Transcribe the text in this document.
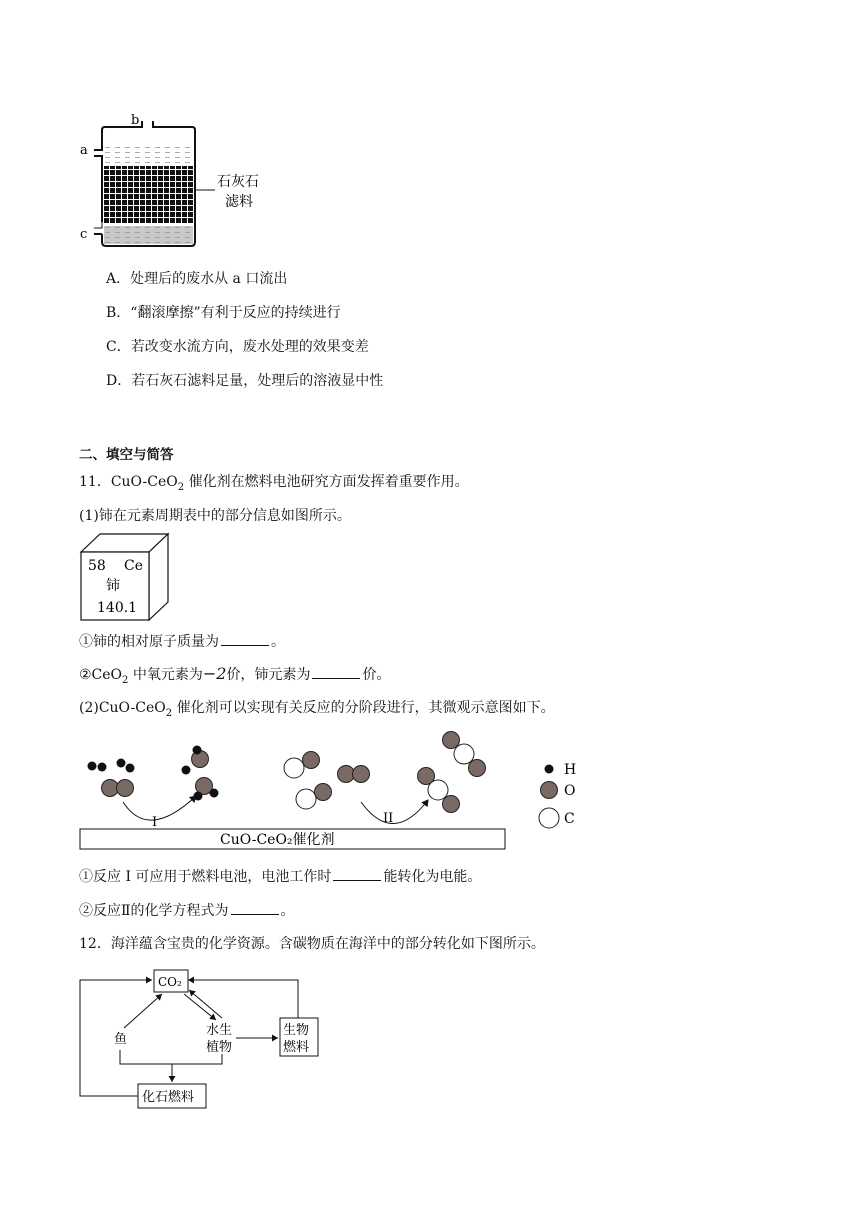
a
b
c
石灰石
滤料
A．处理后的废水从 a 口流出
B．“翻滚摩擦”有利于反应的持续进行
C．若改变水流方向，废水处理的效果变差
D．若石灰石滤料足量，处理后的溶液显中性
二、填空与简答
11．CuO-CeO$_2$ 催化剂在燃料电池研究方面发挥着重要作用。
(1)铈在元素周期表中的部分信息如图所示。
58 Ce
铈
140.1
①铈的相对原子质量为	。
②CeO$_2$ 中氧元素为−2价，铈元素为	价。
(2)CuO-CeO$_2$ 催化剂可以实现有关反应的分阶段进行，其微观示意图如下。
CuO-CeO₂催化剂
I	II
H
O
C
①反应 I 可应用于燃料电池，电池工作时	能转化为电能。
②反应Ⅱ的化学方程式为	。
12．海洋蕴含宝贵的化学资源。含碳物质在海洋中的部分转化如下图所示。
CO₂
生物
燃料
化石燃料
鱼
水生
植物
